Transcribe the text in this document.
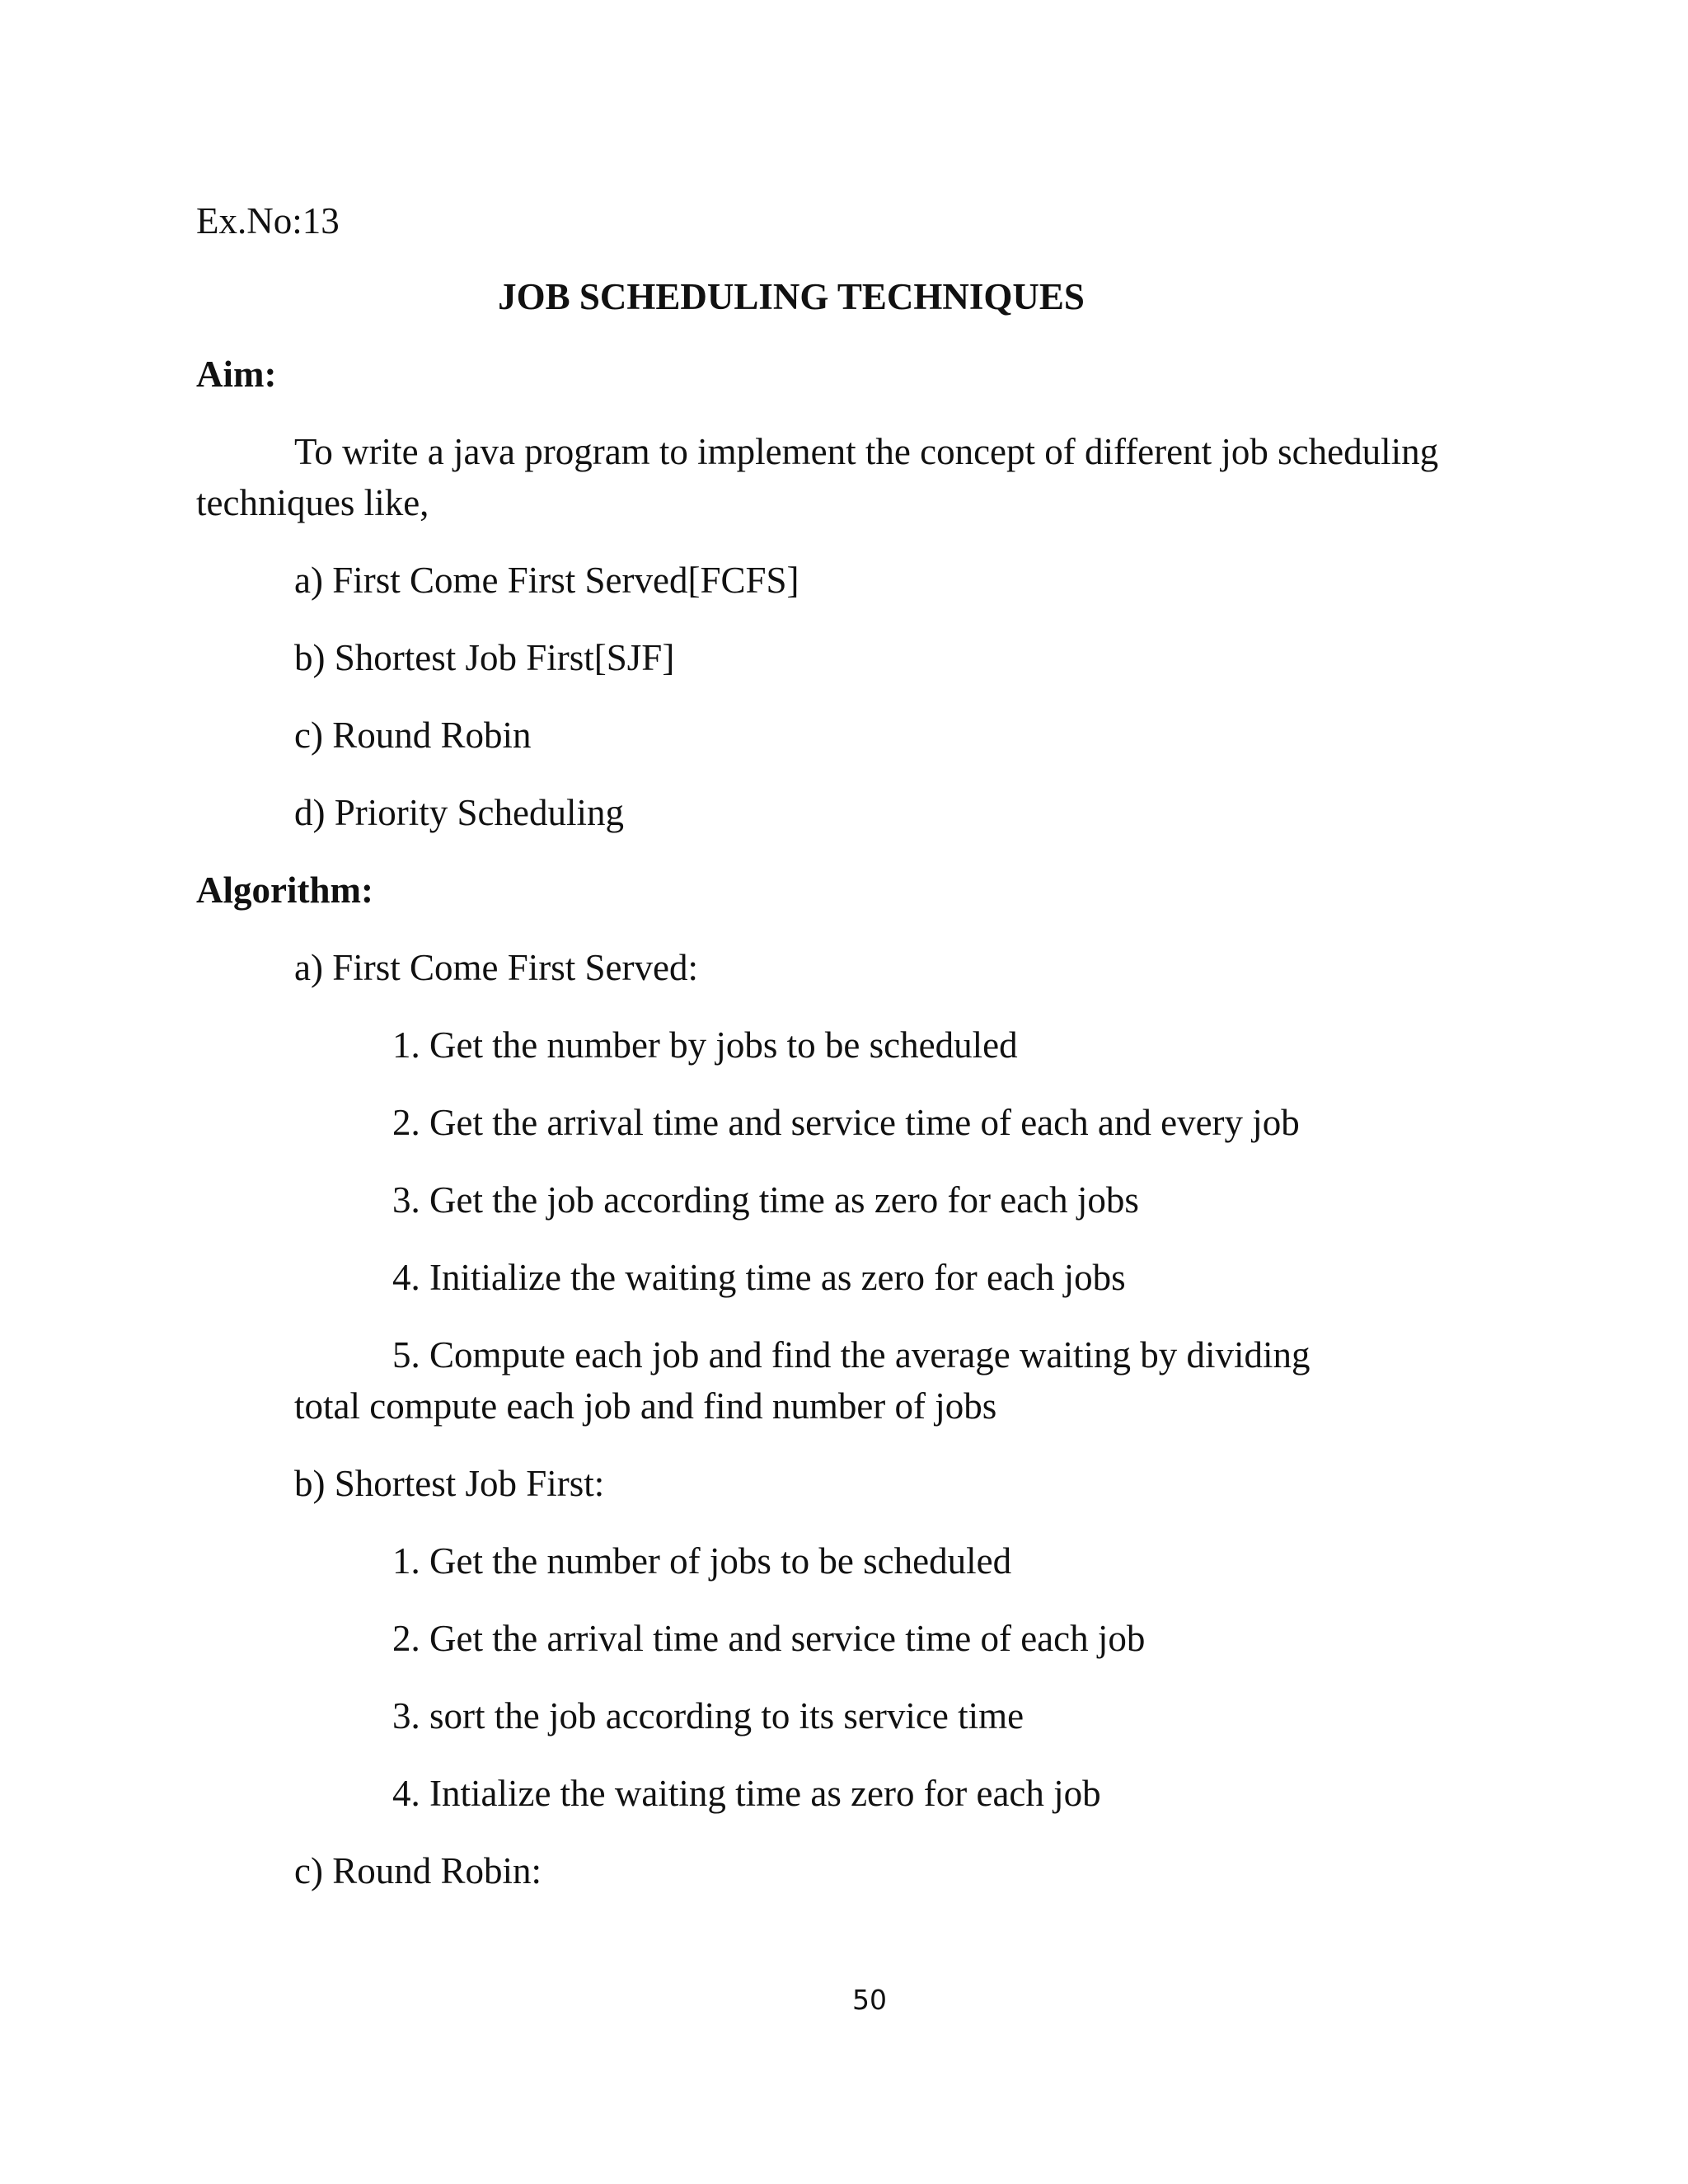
Ex.No:13
JOB SCHEDULING TECHNIQUES
Aim:
To write a java program to implement the concept of different job scheduling
techniques like,
a) First Come First Served[FCFS]
b) Shortest Job First[SJF]
c) Round Robin
d) Priority Scheduling
Algorithm:
a) First Come First Served:
1. Get the number by jobs to be scheduled
2. Get the arrival time and service time of each and every job
3. Get the job according time as zero for each jobs
4. Initialize the waiting time as zero for each jobs
5. Compute each job and find the average waiting by dividing
total compute each job and find number of jobs
b) Shortest Job First:
1. Get the number of jobs to be scheduled
2. Get the arrival time and service time of each job
3. sort the job according to its service time
4. Intialize the waiting time as zero for each job
c) Round Robin:
50
